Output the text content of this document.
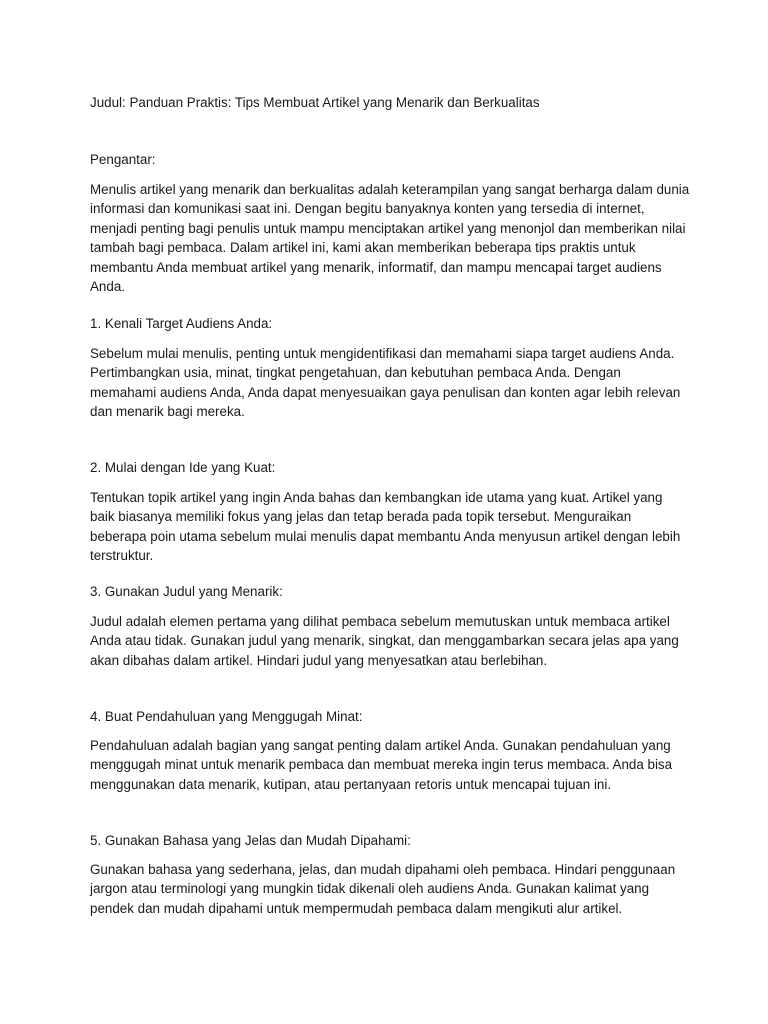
Judul: Panduan Praktis: Tips Membuat Artikel yang Menarik dan Berkualitas

Pengantar:

Menulis artikel yang menarik dan berkualitas adalah keterampilan yang sangat berharga dalam dunia informasi dan komunikasi saat ini. Dengan begitu banyaknya konten yang tersedia di internet, menjadi penting bagi penulis untuk mampu menciptakan artikel yang menonjol dan memberikan nilai tambah bagi pembaca. Dalam artikel ini, kami akan memberikan beberapa tips praktis untuk membantu Anda membuat artikel yang menarik, informatif, dan mampu mencapai target audiens Anda.

1. Kenali Target Audiens Anda:

Sebelum mulai menulis, penting untuk mengidentifikasi dan memahami siapa target audiens Anda. Pertimbangkan usia, minat, tingkat pengetahuan, dan kebutuhan pembaca Anda. Dengan memahami audiens Anda, Anda dapat menyesuaikan gaya penulisan dan konten agar lebih relevan dan menarik bagi mereka.

2. Mulai dengan Ide yang Kuat:

Tentukan topik artikel yang ingin Anda bahas dan kembangkan ide utama yang kuat. Artikel yang baik biasanya memiliki fokus yang jelas dan tetap berada pada topik tersebut. Menguraikan beberapa poin utama sebelum mulai menulis dapat membantu Anda menyusun artikel dengan lebih terstruktur.

3. Gunakan Judul yang Menarik:

Judul adalah elemen pertama yang dilihat pembaca sebelum memutuskan untuk membaca artikel Anda atau tidak. Gunakan judul yang menarik, singkat, dan menggambarkan secara jelas apa yang akan dibahas dalam artikel. Hindari judul yang menyesatkan atau berlebihan.

4. Buat Pendahuluan yang Menggugah Minat:

Pendahuluan adalah bagian yang sangat penting dalam artikel Anda. Gunakan pendahuluan yang menggugah minat untuk menarik pembaca dan membuat mereka ingin terus membaca. Anda bisa menggunakan data menarik, kutipan, atau pertanyaan retoris untuk mencapai tujuan ini.

5. Gunakan Bahasa yang Jelas dan Mudah Dipahami:

Gunakan bahasa yang sederhana, jelas, dan mudah dipahami oleh pembaca. Hindari penggunaan jargon atau terminologi yang mungkin tidak dikenali oleh audiens Anda. Gunakan kalimat yang pendek dan mudah dipahami untuk mempermudah pembaca dalam mengikuti alur artikel.
